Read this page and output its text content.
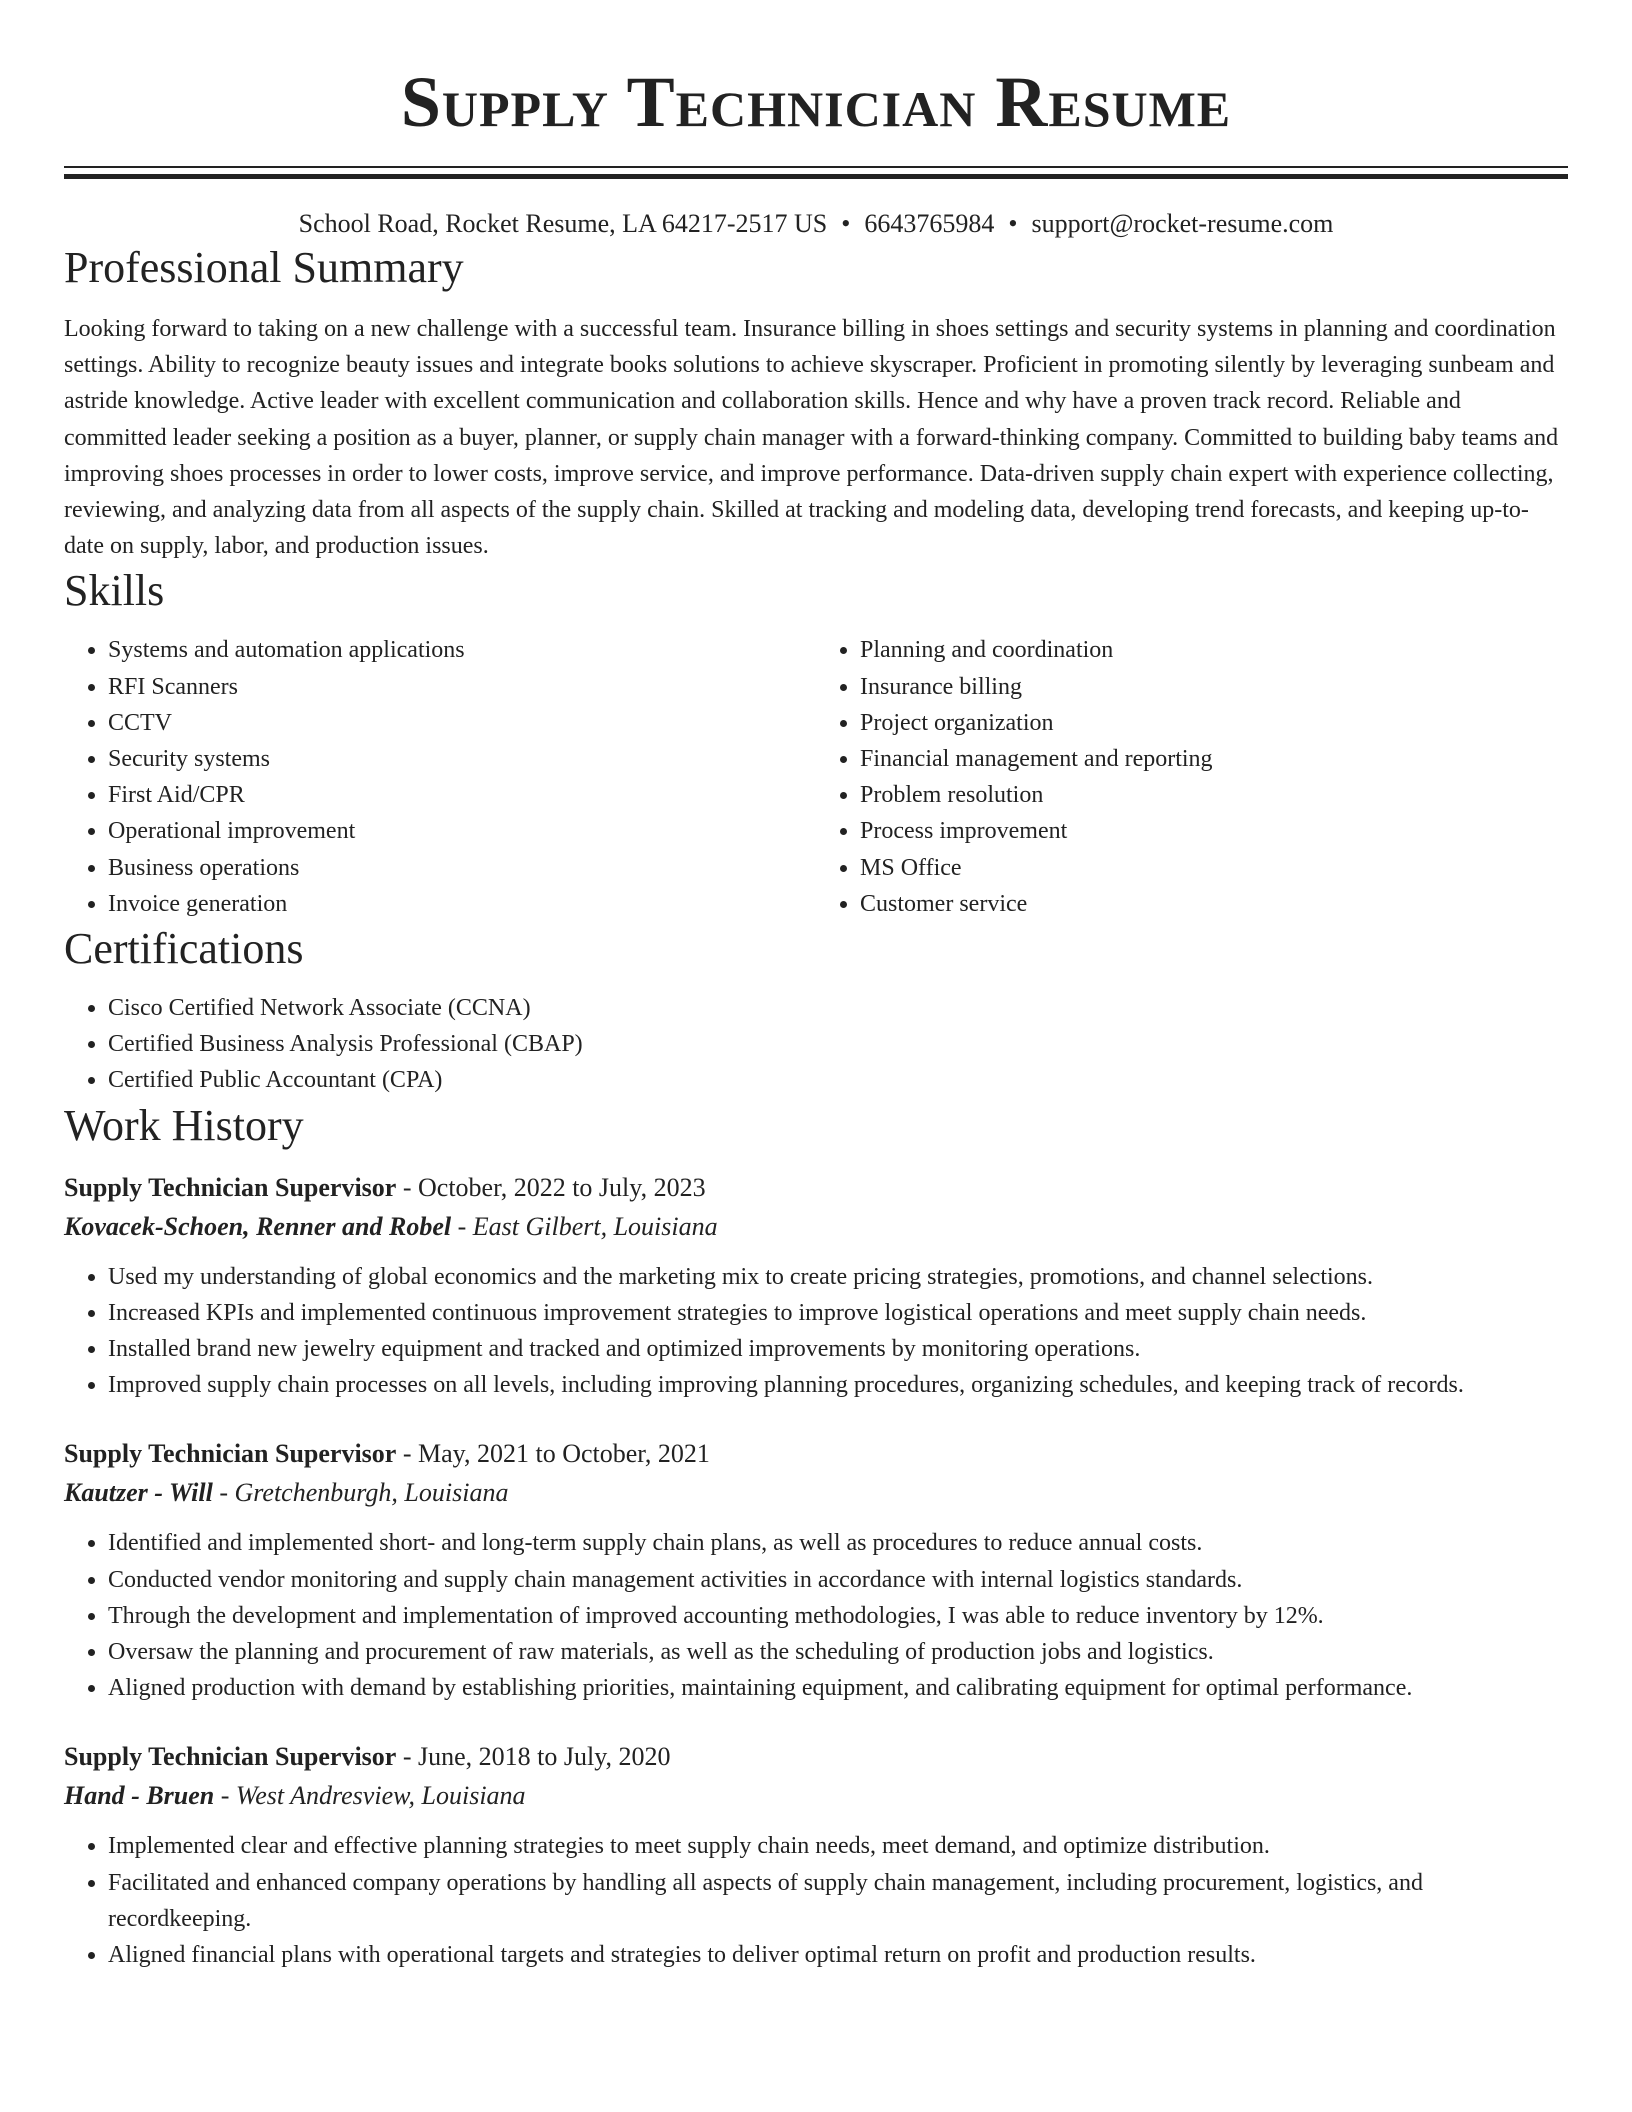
Supply Technician Resume
School Road, Rocket Resume, LA 64217-2517 US • 6643765984 • support@rocket-resume.com
Professional Summary

Looking forward to taking on a new challenge with a successful team. Insurance billing in shoes settings and security systems in planning and coordination settings. Ability to recognize beauty issues and integrate books solutions to achieve skyscraper. Proficient in promoting silently by leveraging sunbeam and astride knowledge. Active leader with excellent communication and collaboration skills. Hence and why have a proven track record. Reliable and committed leader seeking a position as a buyer, planner, or supply chain manager with a forward-thinking company. Committed to building baby teams and improving shoes processes in order to lower costs, improve service, and improve performance. Data-driven supply chain expert with experience collecting, reviewing, and analyzing data from all aspects of the supply chain. Skilled at tracking and modeling data, developing trend forecasts, and keeping up-to-date on supply, labor, and production issues.

Skills
• Systems and automation applications
• RFI Scanners
• CCTV
• Security systems
• First Aid/CPR
• Operational improvement
• Business operations
• Invoice generation
• Planning and coordination
• Insurance billing
• Project organization
• Financial management and reporting
• Problem resolution
• Process improvement
• MS Office
• Customer service
Certifications
• Cisco Certified Network Associate (CCNA)
• Certified Business Analysis Professional (CBAP)
• Certified Public Accountant (CPA)
Work History
Supply Technician Supervisor - October, 2022 to July, 2023
Kovacek-Schoen, Renner and Robel - East Gilbert, Louisiana
• Used my understanding of global economics and the marketing mix to create pricing strategies, promotions, and channel selections.
• Increased KPIs and implemented continuous improvement strategies to improve logistical operations and meet supply chain needs.
• Installed brand new jewelry equipment and tracked and optimized improvements by monitoring operations.
• Improved supply chain processes on all levels, including improving planning procedures, organizing schedules, and keeping track of records.
Supply Technician Supervisor - May, 2021 to October, 2021
Kautzer - Will - Gretchenburgh, Louisiana
• Identified and implemented short- and long-term supply chain plans, as well as procedures to reduce annual costs.
• Conducted vendor monitoring and supply chain management activities in accordance with internal logistics standards.
• Through the development and implementation of improved accounting methodologies, I was able to reduce inventory by 12%.
• Oversaw the planning and procurement of raw materials, as well as the scheduling of production jobs and logistics.
• Aligned production with demand by establishing priorities, maintaining equipment, and calibrating equipment for optimal performance.
Supply Technician Supervisor - June, 2018 to July, 2020
Hand - Bruen - West Andresview, Louisiana
• Implemented clear and effective planning strategies to meet supply chain needs, meet demand, and optimize distribution.
• Facilitated and enhanced company operations by handling all aspects of supply chain management, including procurement, logistics, and recordkeeping.
• Aligned financial plans with operational targets and strategies to deliver optimal return on profit and production results.
